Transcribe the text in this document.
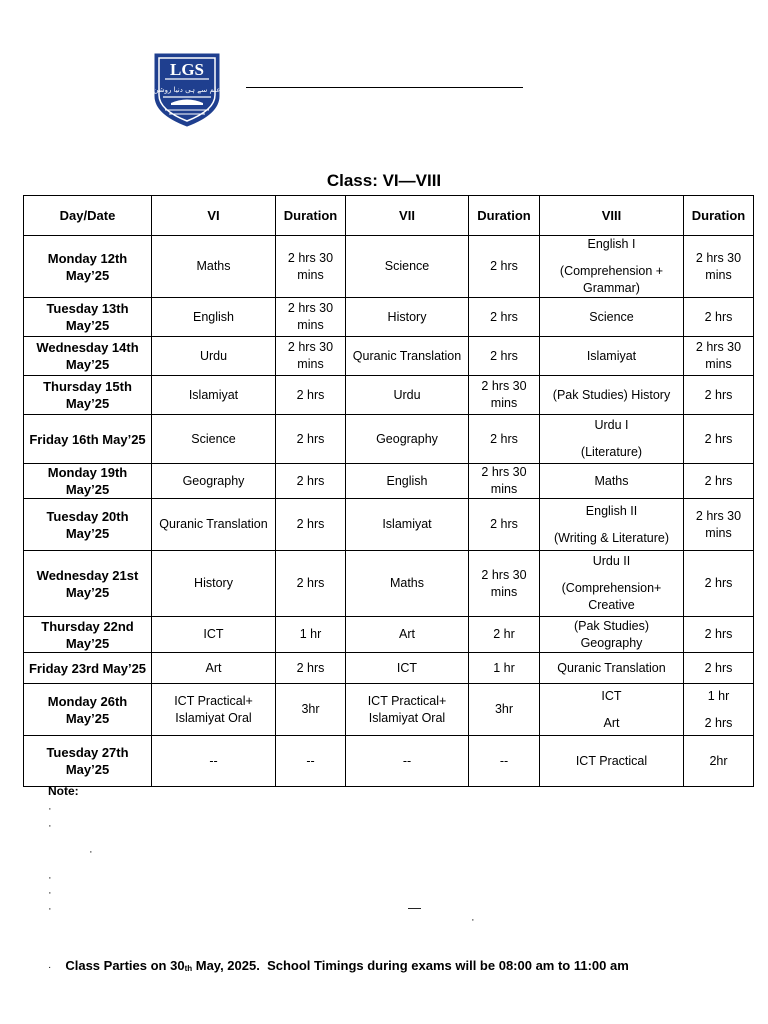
LGS
علم سے ہی دنیا روشن
Class: VI—VIII
Day/Date	VI	Duration	VII	Duration	VIII	Duration

Monday 12th
May’25	Maths	2 hrs 30
mins	Science	2 hrs	English I
(Comprehension +
Grammar)	2 hrs 30
mins

Tuesday 13th
May’25	English	2 hrs 30
mins	History	2 hrs	Science	2 hrs

Wednesday 14th
May’25	Urdu	2 hrs 30
mins	Quranic Translation	2 hrs	Islamiyat	2 hrs 30
mins

Thursday 15th
May’25	Islamiyat	2 hrs	Urdu	2 hrs 30
mins	(Pak Studies) History	2 hrs

Friday 16th May’25	Science	2 hrs	Geography	2 hrs	Urdu I
(Literature)	2 hrs

Monday 19th
May’25	Geography	2 hrs	English	2 hrs 30
mins	Maths	2 hrs

Tuesday 20th
May’25	Quranic Translation	2 hrs	Islamiyat	2 hrs	English II
(Writing & Literature)	2 hrs 30
mins

Wednesday 21st
May’25	History	2 hrs	Maths	2 hrs 30
mins	Urdu II
(Comprehension+
Creative	2 hrs

Thursday 22nd
May’25	ICT	1 hr	Art	2 hr	(Pak Studies) Geography	2 hrs

Friday 23rd May’25	Art	2 hrs	ICT	1 hr	Quranic Translation	2 hrs

Monday 26th
May’25	ICT Practical+
Islamiyat Oral	3hr	ICT Practical+
Islamiyat Oral	3hr	ICT
Art	1 hr
2 hrs

Tuesday 27th
May’25	--	--	--	--	ICT Practical	2hr
Note:
·
·
·
·
·
·	—
·
· Class Parties on $30_{th}$ May, 2025. School Timings during exams will be 08:00 am to 11:00 am
